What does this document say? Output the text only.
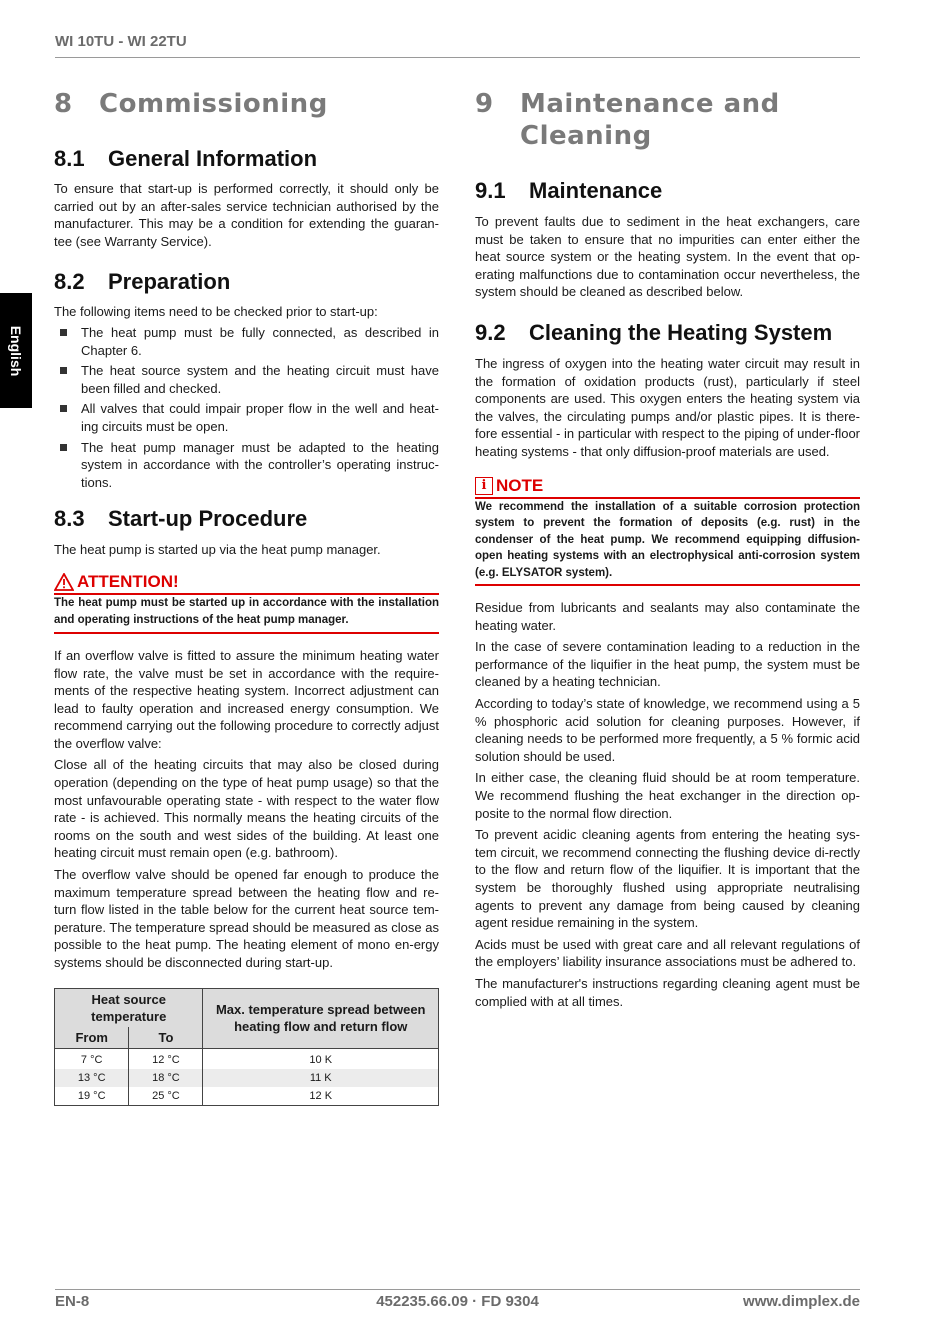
WI 10TU - WI 22TU
English
8	Commissioning
8.1	General Information

To ensure that start-up is performed correctly, it should only be carried out by an after-sales service technician authorised by the manufacturer. This may be a condition for extending the guaran-tee (see Warranty Service).

8.2	Preparation

The following items need to be checked prior to start-up:

The heat pump must be fully connected, as described in Chapter 6.
The heat source system and the heating circuit must have been filled and checked.
All valves that could impair proper flow in the well and heat-ing circuits must be open.
The heat pump manager must be adapted to the heating system in accordance with the controller’s operating instruc-tions.
8.3	Start-up Procedure

The heat pump is started up via the heat pump manager.

ATTENTION!
The heat pump must be started up in accordance with the installation and operating instructions of the heat pump manager.

If an overflow valve is fitted to assure the minimum heating water flow rate, the valve must be set in accordance with the require-ments of the respective heating system. Incorrect adjustment can lead to faulty operation and increased energy consumption. We recommend carrying out the following procedure to correctly adjust the overflow valve:

Close all of the heating circuits that may also be closed during operation (depending on the type of heat pump usage) so that the most unfavourable operating state - with respect to the water flow rate - is achieved. This normally means the heating circuits of the rooms on the south and west sides of the building. At least one heating circuit must remain open (e.g. bathroom).

The overflow valve should be opened far enough to produce the maximum temperature spread between the heating flow and re-turn flow listed in the table below for the current heat source tem-perature. The temperature spread should be measured as close as possible to the heat pump. The heating element of mono en-ergy systems should be disconnected during start-up.

Heat source temperature		Max. temperature spread between heating flow and return flow
From	To	
7 °C	12 °C	10 K
13 °C	18 °C	11 K
19 °C	25 °C	12 K
9	Maintenance and
Cleaning
9.1	Maintenance

To prevent faults due to sediment in the heat exchangers, care must be taken to ensure that no impurities can enter either the heat source system or the heating system. In the event that op-erating malfunctions due to contamination occur nevertheless, the system should be cleaned as described below.

9.2	Cleaning the Heating System

The ingress of oxygen into the heating water circuit may result in the formation of oxidation products (rust), particularly if steel components are used. This oxygen enters the heating system via the valves, the circulating pumps and/or plastic pipes. It is there-fore essential - in particular with respect to the piping of under-floor heating systems - that only diffusion-proof materials are used.

i NOTE
We recommend the installation of a suitable corrosion protection system to prevent the formation of deposits (e.g. rust) in the condenser of the heat pump. We recommend equipping diffusion-open heating systems with an electrophysical anti-corrosion system (e.g. ELYSATOR system).

Residue from lubricants and sealants may also contaminate the heating water.

In the case of severe contamination leading to a reduction in the performance of the liquifier in the heat pump, the system must be cleaned by a heating technician.

According to today’s state of knowledge, we recommend using a 5 % phosphoric acid solution for cleaning purposes. However, if cleaning needs to be performed more frequently, a 5 % formic acid solution should be used.

In either case, the cleaning fluid should be at room temperature. We recommend flushing the heat exchanger in the direction op-posite to the normal flow direction.

To prevent acidic cleaning agents from entering the heating sys-tem circuit, we recommend connecting the flushing device di-rectly to the flow and return flow of the liquifier. It is important that the system be thoroughly flushed using appropriate neutralising agents to prevent any damage from being caused by cleaning agent residue remaining in the system.

Acids must be used with great care and all relevant regulations of the employers’ liability insurance associations must be adhered to.

The manufacturer's instructions regarding cleaning agent must be complied with at all times.

EN-8	452235.66.09 · FD 9304	www.dimplex.de
